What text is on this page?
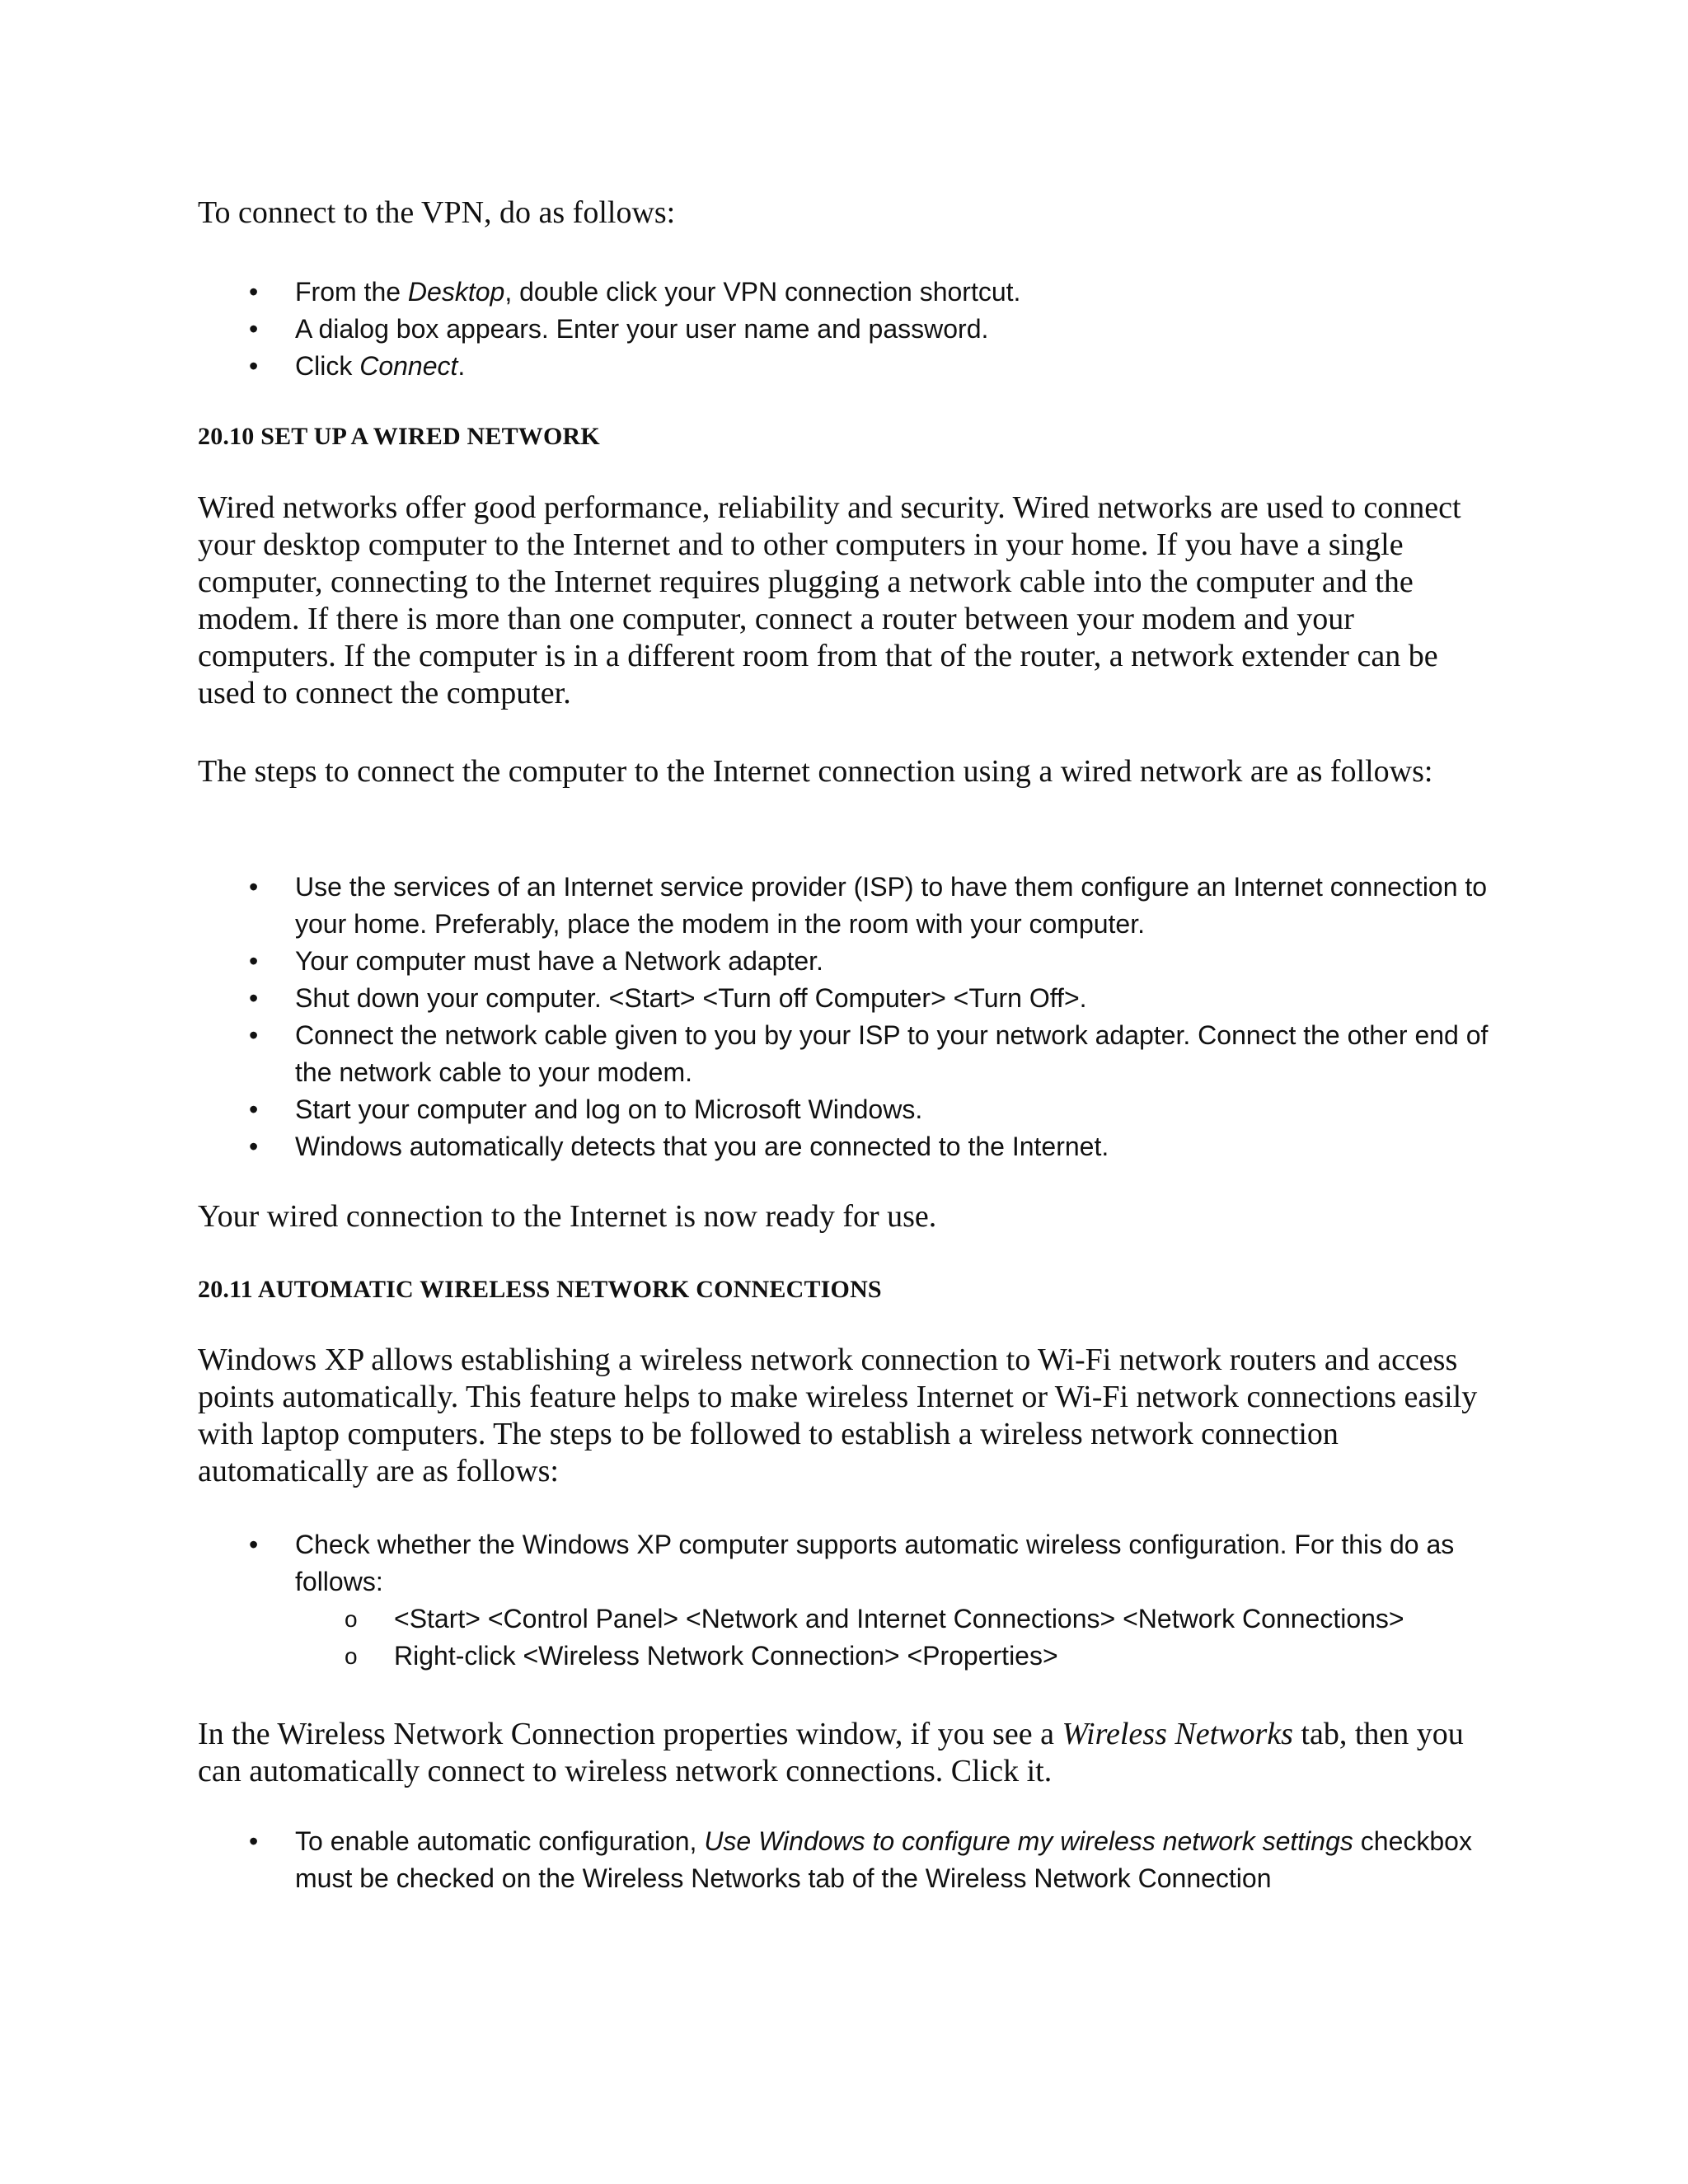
To connect to the VPN, do as follows:

• From the Desktop, double click your VPN connection shortcut.
• A dialog box appears. Enter your user name and password.
• Click Connect.

20.10 SET UP A WIRED NETWORK

Wired networks offer good performance, reliability and security. Wired networks are used to connect your desktop computer to the Internet and to other computers in your home. If you have a single computer, connecting to the Internet requires plugging a network cable into the computer and the modem. If there is more than one computer, connect a router between your modem and your computers. If the computer is in a different room from that of the router, a network extender can be used to connect the computer.

The steps to connect the computer to the Internet connection using a wired network are as follows:

• Use the services of an Internet service provider (ISP) to have them configure an Internet connection to your home. Preferably, place the modem in the room with your computer.
• Your computer must have a Network adapter.
• Shut down your computer. <Start> <Turn off Computer> <Turn Off>.
• Connect the network cable given to you by your ISP to your network adapter. Connect the other end of the network cable to your modem.
• Start your computer and log on to Microsoft Windows.
• Windows automatically detects that you are connected to the Internet.

Your wired connection to the Internet is now ready for use.

20.11 AUTOMATIC WIRELESS NETWORK CONNECTIONS

Windows XP allows establishing a wireless network connection to Wi-Fi network routers and access points automatically. This feature helps to make wireless Internet or Wi-Fi network connections easily with laptop computers. The steps to be followed to establish a wireless network connection automatically are as follows:

• Check whether the Windows XP computer supports automatic wireless configuration. For this do as follows:
o <Start> <Control Panel> <Network and Internet Connections> <Network Connections>
o Right-click <Wireless Network Connection> <Properties>

In the Wireless Network Connection properties window, if you see a Wireless Networks tab, then you can automatically connect to wireless network connections. Click it.

• To enable automatic configuration, Use Windows to configure my wireless network settings checkbox must be checked on the Wireless Networks tab of the Wireless Network Connection
